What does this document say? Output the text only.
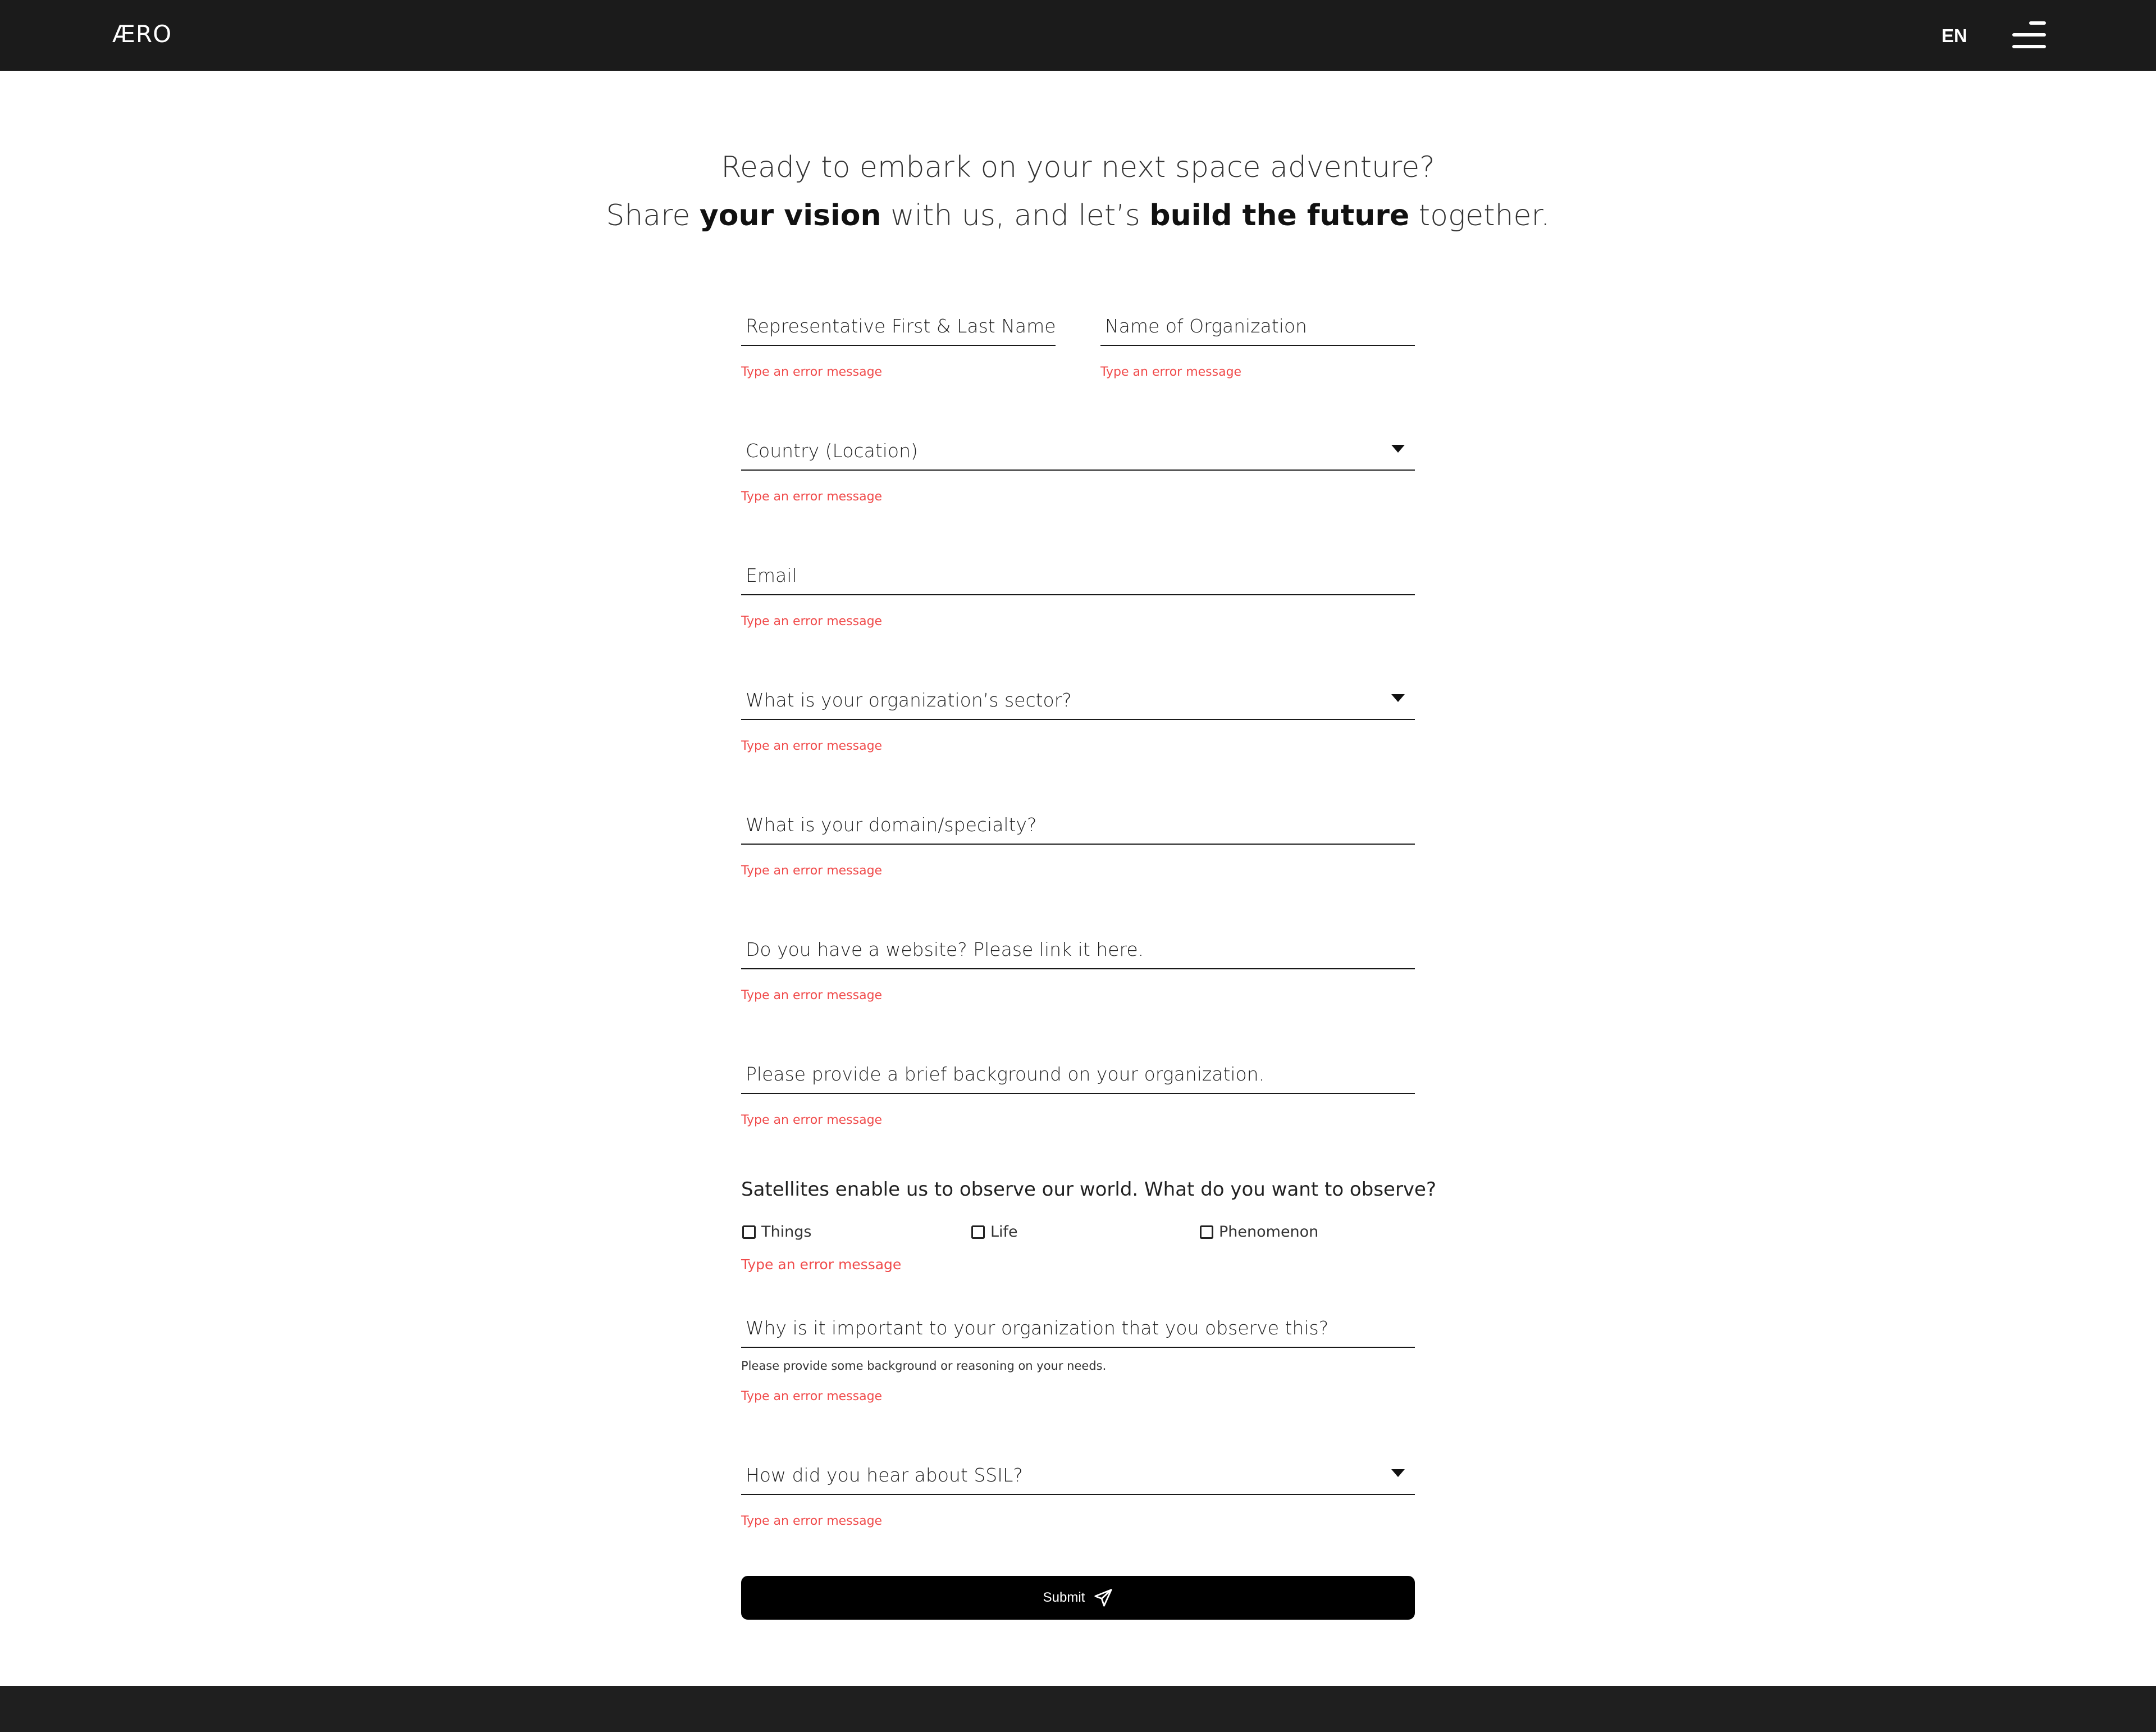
ÆRO	EN
Ready to embark on your next space adventure?
Share your vision with us, and let’s build the future together.
Representative First & Last Name
Type an error message
Name of Organization
Type an error message
Country (Location)
Type an error message
Email
Type an error message
What is your organization’s sector?
Type an error message
What is your domain/specialty?
Type an error message
Do you have a website? Please link it here.
Type an error message
Please provide a brief background on your organization.
Type an error message
Satellites enable us to observe our world. What do you want to observe?
Things	Life	Phenomenon
Type an error message
Why is it important to your organization that you observe this?
Please provide some background or reasoning on your needs.
Type an error message
How did you hear about SSIL?
Type an error message
Submit
